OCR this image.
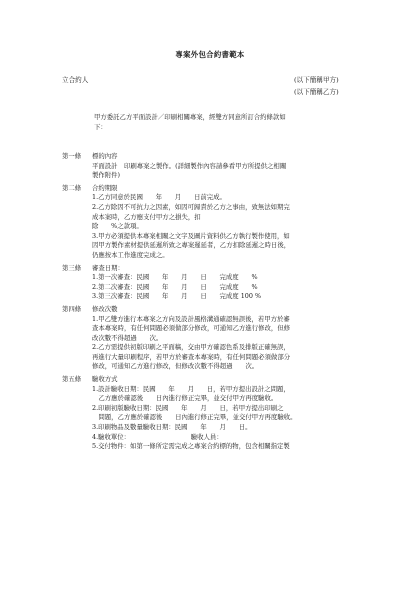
專案外包合約書範本
立合約人	(以下簡稱甲方)
(以下簡稱乙方)
甲方委託乙方平面設計／印刷相關專案，經雙方同意所訂合約條款如
下：
第一條	標的內容
平面設計　印刷專案之製作。(詳細製作內容請參看甲方所提供之相關
製作附件)
第二條	合約期限
1.乙方同意於民國　　年　　月　　日前完成。
2.乙方除因不可抗力之因素，如因可歸責於乙方之事由，致無法如期完
成本案時，乙方應支付甲方之損失，扣
除　　%之款項。
3.甲方必須提供本專案相關之文字及圖片資料供乙方執行製作使用，如
因甲方製作素材提供延遲所致之專案遲延者，乙方扣除延遲之時日後，
仍應按本工作進度完成之。
第三條	審查日期：
1.第一次審查：民國　　年　　月　　日　　完成度　　%
2.第二次審查：民國　　年　　月　　日　　完成度　　%
3.第三次審查：民國　　年　　月　　日　　完成度 100 %
第四條	修改次數
1.甲乙雙方進行本專案之方向及設計風格溝通確認無誤後，若甲方於審
查本專案時，有任何問題必須做部分修改，可通知乙方進行修改，但修
改次數不得超過　　次。
2.乙方需提供初版印刷之平面稿，交由甲方確認色系及排版正確無誤，
再進行大量印刷程序，若甲方於審查本專案時，有任何問題必須做部分
修改，可通知乙方進行修改，但修改次數不得超過　　次。
第五條	驗收方式
1.設計驗收日期：民國　　年　　月　　日，若甲方提出設計之問題，
　乙方應於確認後　　日內進行修正完畢，並交付甲方再度驗收。
2.印刷初版驗收日期：民國　　年　　月　　日，若甲方提出印刷之
　問題，乙方應於確認後　　日內進行修正完畢，並交付甲方再度驗收。
3.印刷物品及數量驗收日期：民國　　年　　月　　日。
4.驗收單位：　　　　　　　　　　驗收人員：
5.交付物件：如第一條所定需完成之專案合約標的物，包含相關指定製
